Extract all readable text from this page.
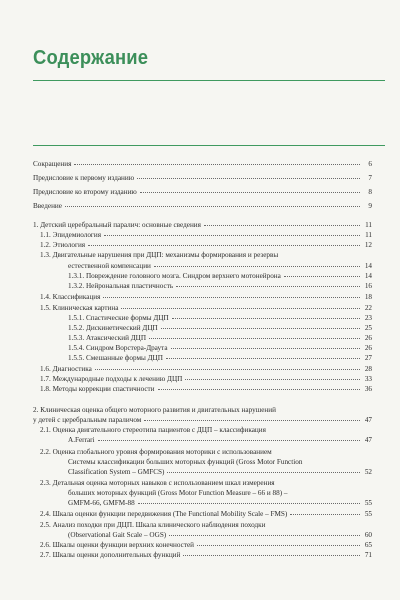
Содержание
Сокращения	6
Предисловие к первому изданию	7
Предисловие ко второму изданию	8
Введение	9
1. Детский церебральный паралич: основные сведения	11
1.1. Эпидемиология	11
1.2. Этиология	12
1.3. Двигательные нарушения при ДЦП: механизмы формирования и резервы
естественной компенсации	14
1.3.1. Повреждение головного мозга. Синдром верхнего мотонейрона	14
1.3.2. Нейрональная пластичность	16
1.4. Классификация	18
1.5. Клиническая картина	22
1.5.1. Спастические формы ДЦП	23
1.5.2. Дискинетический ДЦП	25
1.5.3. Атаксический ДЦП	26
1.5.4. Синдром Ворстера-Драута	26
1.5.5. Смешанные формы ДЦП	27
1.6. Диагностика	28
1.7. Международные подходы к лечению ДЦП	33
1.8. Методы коррекции спастичности	36
2. Клиническая оценка общего моторного развития и двигательных нарушений
у детей с церебральным параличом	47
2.1. Оценка двигательного стереотипа пациентов с ДЦП – классификация
A.Ferrari	47
2.2. Оценка глобального уровня формирования моторики с использованием
Системы классификации больших моторных функций (Gross Motor Function
Classification System – GMFCS)	52
2.3. Детальная оценка моторных навыков с использованием шкал измерения
больших моторных функций (Gross Motor Function Measure – 66 и 88) –
GMFM-66, GMFM-88	55
2.4. Шкала оценки функции передвижения (The Functional Mobility Scale – FMS)	55
2.5. Анализ походки при ДЦП. Шкала клинического наблюдения походки
(Observational Gait Scale – OGS)	60
2.6. Шкалы оценки функции верхних конечностей	65
2.7. Шкалы оценки дополнительных функций	71
